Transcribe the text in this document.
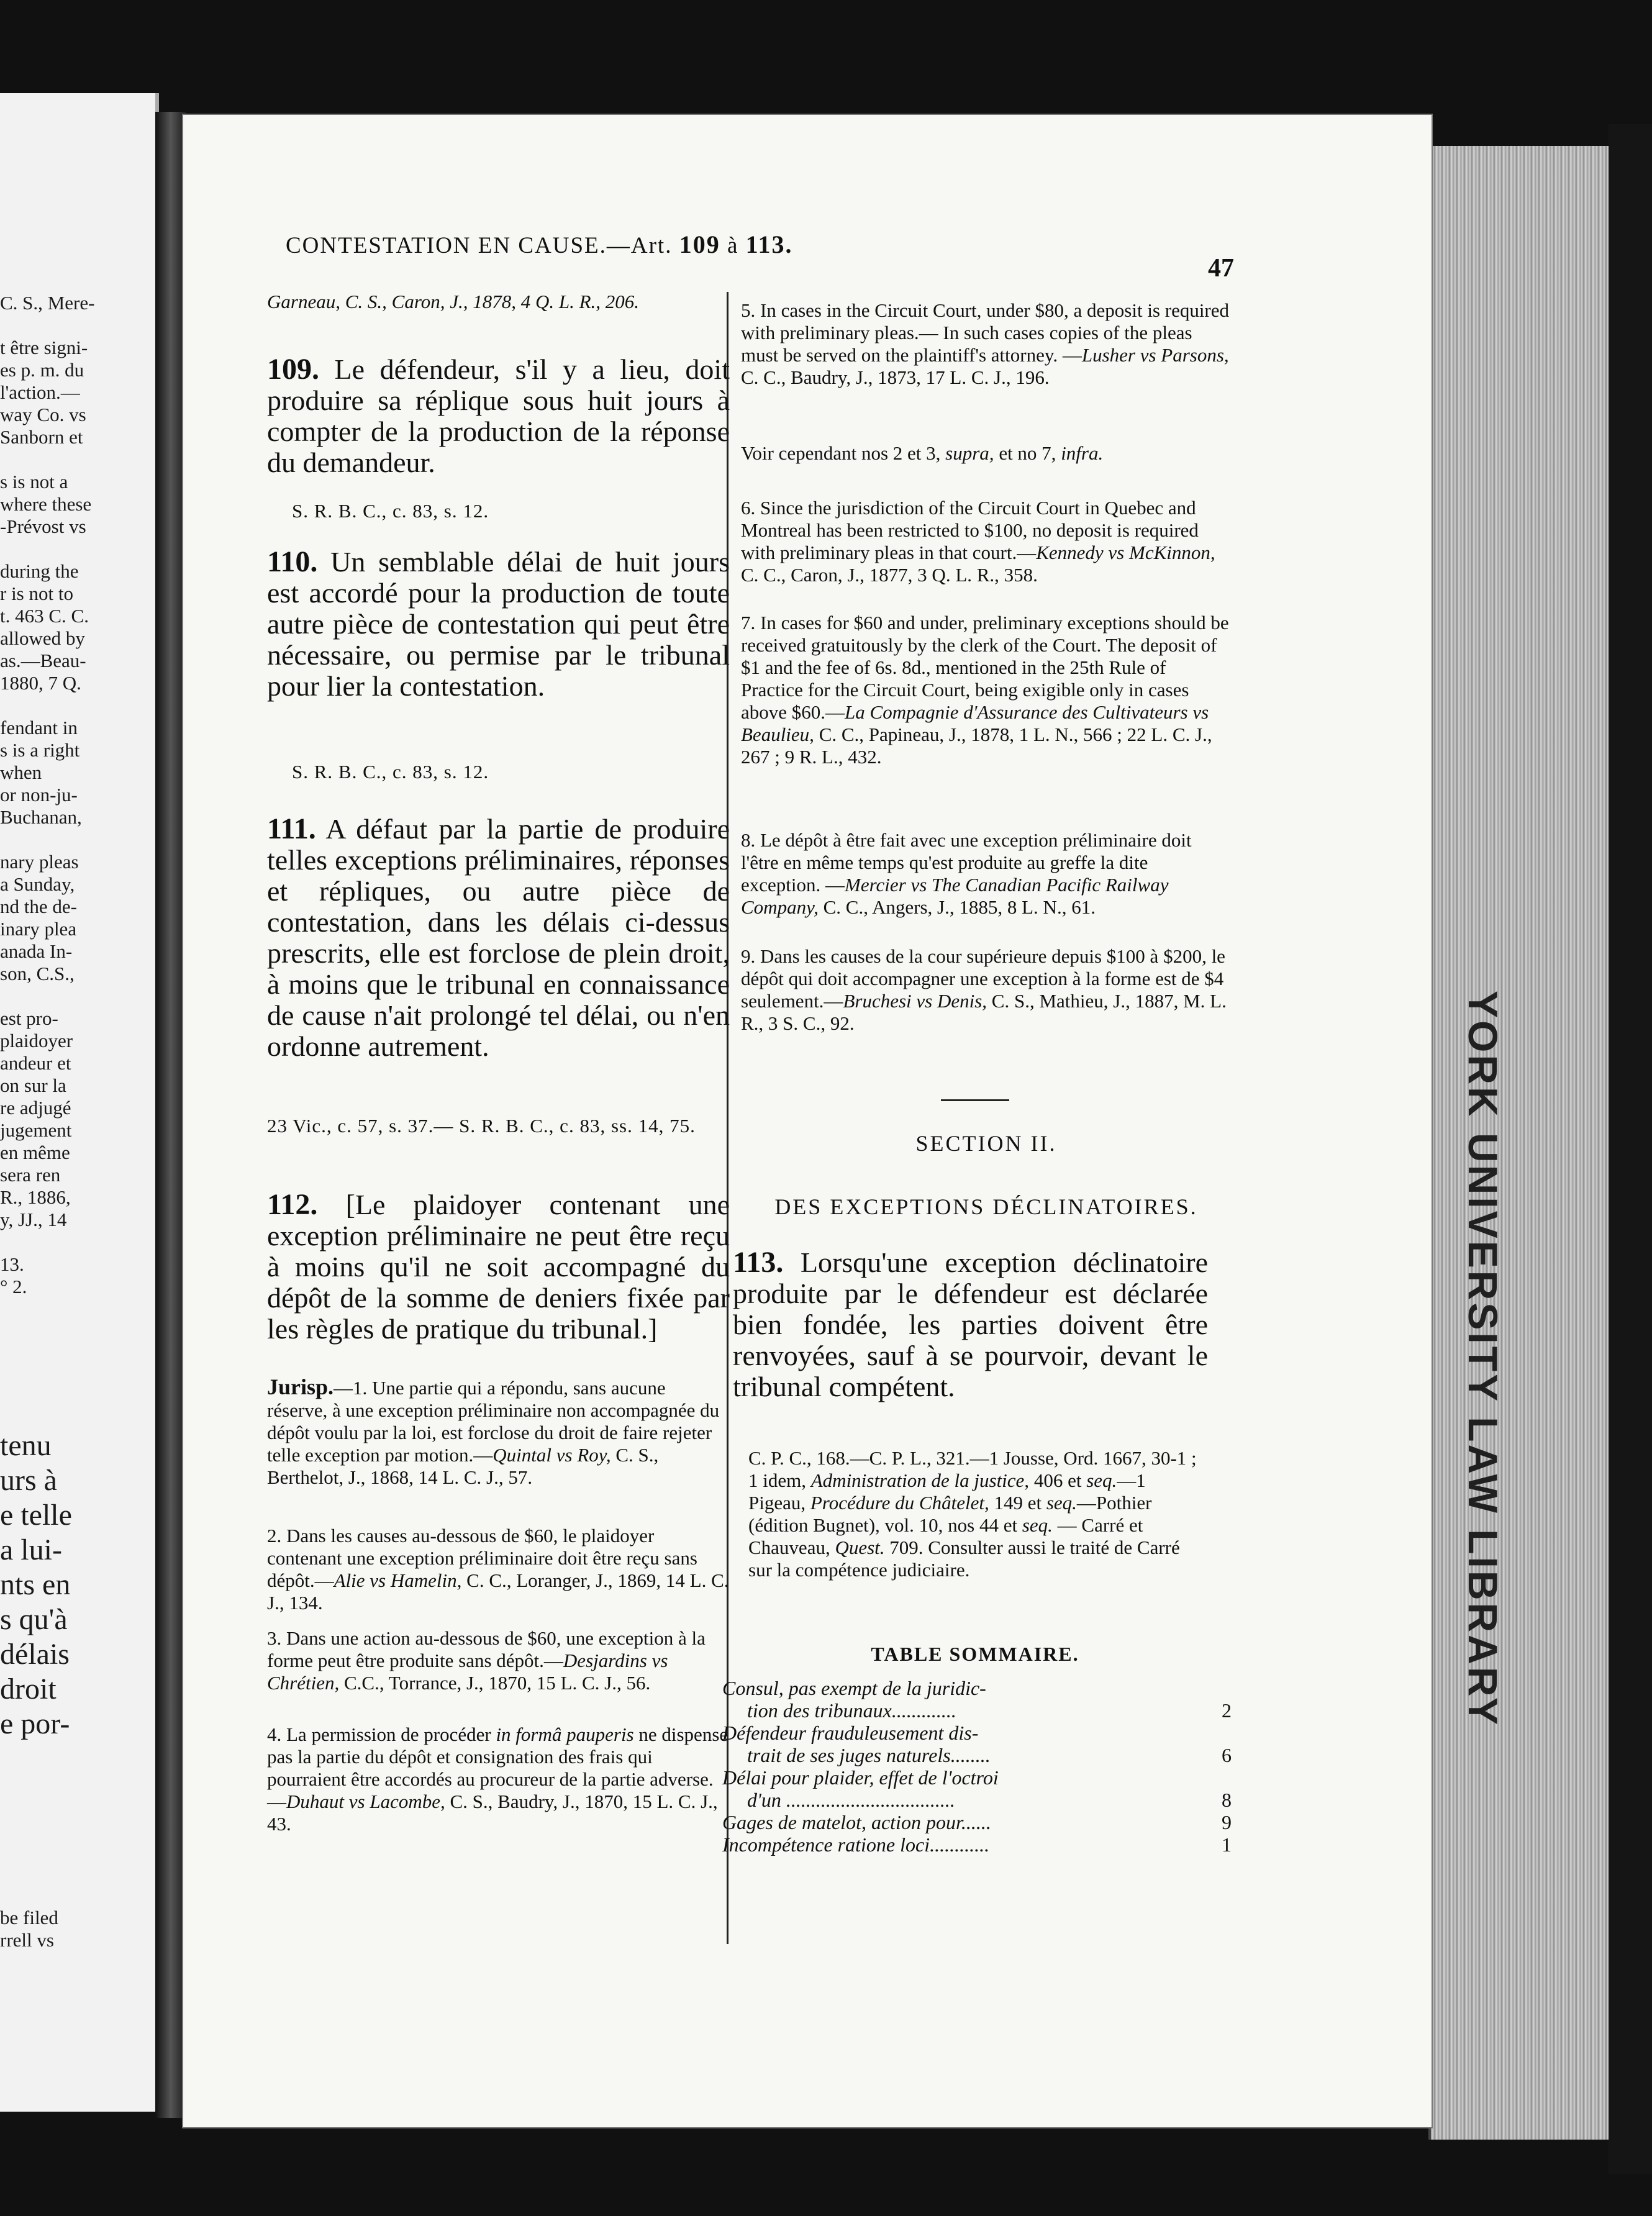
C. S., Mere-

t être signi-
es p. m. du
l'action.—
way Co. vs
Sanborn et

s is not a
where these
-Prévost vs

during the
r is not to
t. 463 C. C.
allowed by
as.—Beau-
1880, 7 Q.

fendant in
s is a right
when
or non-ju-
Buchanan,

nary pleas
a Sunday,
nd the de-
inary plea
anada In-
son, C.S.,

est pro-
plaidoyer
andeur et
on sur la
re adjugé
jugement
en même
sera ren
R., 1886,
y, JJ., 14

13.
° 2.
tenu
urs à
e telle
a lui-
nts en
s qu'à
délais
droit
e por-
be filed
rrell vs
YORK UNIVERSITY LAW LIBRARY
CONTESTATION EN CAUSE.—Art. 109 à 113.
47
Garneau, C. S., Caron, J., 1878, 4 Q. L. R., 206.
109. Le défendeur, s'il y a lieu, doit produire sa réplique sous huit jours à compter de la production de la réponse du demandeur.
S. R. B. C., c. 83, s. 12.
110. Un semblable délai de huit jours est accordé pour la production de toute autre pièce de contestation qui peut être nécessaire, ou permise par le tribunal pour lier la contestation.
S. R. B. C., c. 83, s. 12.
111. A défaut par la partie de produire telles exceptions préliminaires, réponses et répliques, ou autre pièce de contestation, dans les délais ci-dessus prescrits, elle est forclose de plein droit, à moins que le tribunal en connaissance de cause n'ait prolongé tel délai, ou n'en ordonne autrement.
23 Vic., c. 57, s. 37.— S. R. B. C., c. 83, ss. 14, 75.
112. [Le plaidoyer contenant une exception préliminaire ne peut être reçu à moins qu'il ne soit accompagné du dépôt de la somme de deniers fixée par les règles de pratique du tribunal.]
Jurisp.—1. Une partie qui a répondu, sans aucune réserve, à une exception préliminaire non accompagnée du dépôt voulu par la loi, est forclose du droit de faire rejeter telle exception par motion.—Quintal vs Roy, C. S., Berthelot, J., 1868, 14 L. C. J., 57.
2. Dans les causes au-dessous de $60, le plaidoyer contenant une exception préliminaire doit être reçu sans dépôt.—Alie vs Hamelin, C. C., Loranger, J., 1869, 14 L. C. J., 134.
3. Dans une action au-dessous de $60, une exception à la forme peut être produite sans dépôt.—Desjardins vs Chrétien, C.C., Torrance, J., 1870, 15 L. C. J., 56.
4. La permission de procéder in formâ pauperis ne dispense pas la partie du dépôt et consignation des frais qui pourraient être accordés au procureur de la partie adverse.—Duhaut vs Lacombe, C. S., Baudry, J., 1870, 15 L. C. J., 43.
5. In cases in the Circuit Court, under $80, a deposit is required with preliminary pleas.— In such cases copies of the pleas must be served on the plaintiff's attorney. —Lusher vs Parsons, C. C., Baudry, J., 1873, 17 L. C. J., 196.
Voir cependant nos 2 et 3, supra, et no 7, infra.
6. Since the jurisdiction of the Circuit Court in Quebec and Montreal has been restricted to $100, no deposit is required with preliminary pleas in that court.—Kennedy vs McKinnon, C. C., Caron, J., 1877, 3 Q. L. R., 358.
7. In cases for $60 and under, preliminary exceptions should be received gratuitously by the clerk of the Court. The deposit of $1 and the fee of 6s. 8d., mentioned in the 25th Rule of Practice for the Circuit Court, being exigible only in cases above $60.—La Compagnie d'Assurance des Cultivateurs vs Beaulieu, C. C., Papineau, J., 1878, 1 L. N., 566 ; 22 L. C. J., 267 ; 9 R. L., 432.
8. Le dépôt à être fait avec une exception préliminaire doit l'être en même temps qu'est produite au greffe la dite exception. —Mercier vs The Canadian Pacific Railway Company, C. C., Angers, J., 1885, 8 L. N., 61.
9. Dans les causes de la cour supérieure depuis $100 à $200, le dépôt qui doit accompagner une exception à la forme est de $4 seulement.—Bruchesi vs Denis, C. S., Mathieu, J., 1887, M. L. R., 3 S. C., 92.
SECTION II.
DES EXCEPTIONS DÉCLINATOIRES.
113. Lorsqu'une exception déclinatoire produite par le défendeur est déclarée bien fondée, les parties doivent être renvoyées, sauf à se pourvoir, devant le tribunal compétent.
C. P. C., 168.—C. P. L., 321.—1 Jousse, Ord. 1667, 30-1 ; 1 idem, Administration de la justice, 406 et seq.—1 Pigeau, Procédure du Châtelet, 149 et seq.—Pothier (édition Bugnet), vol. 10, nos 44 et seq. — Carré et Chauveau, Quest. 709. Consulter aussi le traité de Carré sur la compétence judiciaire.
TABLE SOMMAIRE.
Consul, pas exempt de la juridic-
tion des tribunaux.............	2
Défendeur frauduleusement dis-
trait de ses juges naturels........	6
Délai pour plaider, effet de l'octroi
d'un ..................................	8
Gages de matelot, action pour......	9
Incompétence ratione loci............	1
